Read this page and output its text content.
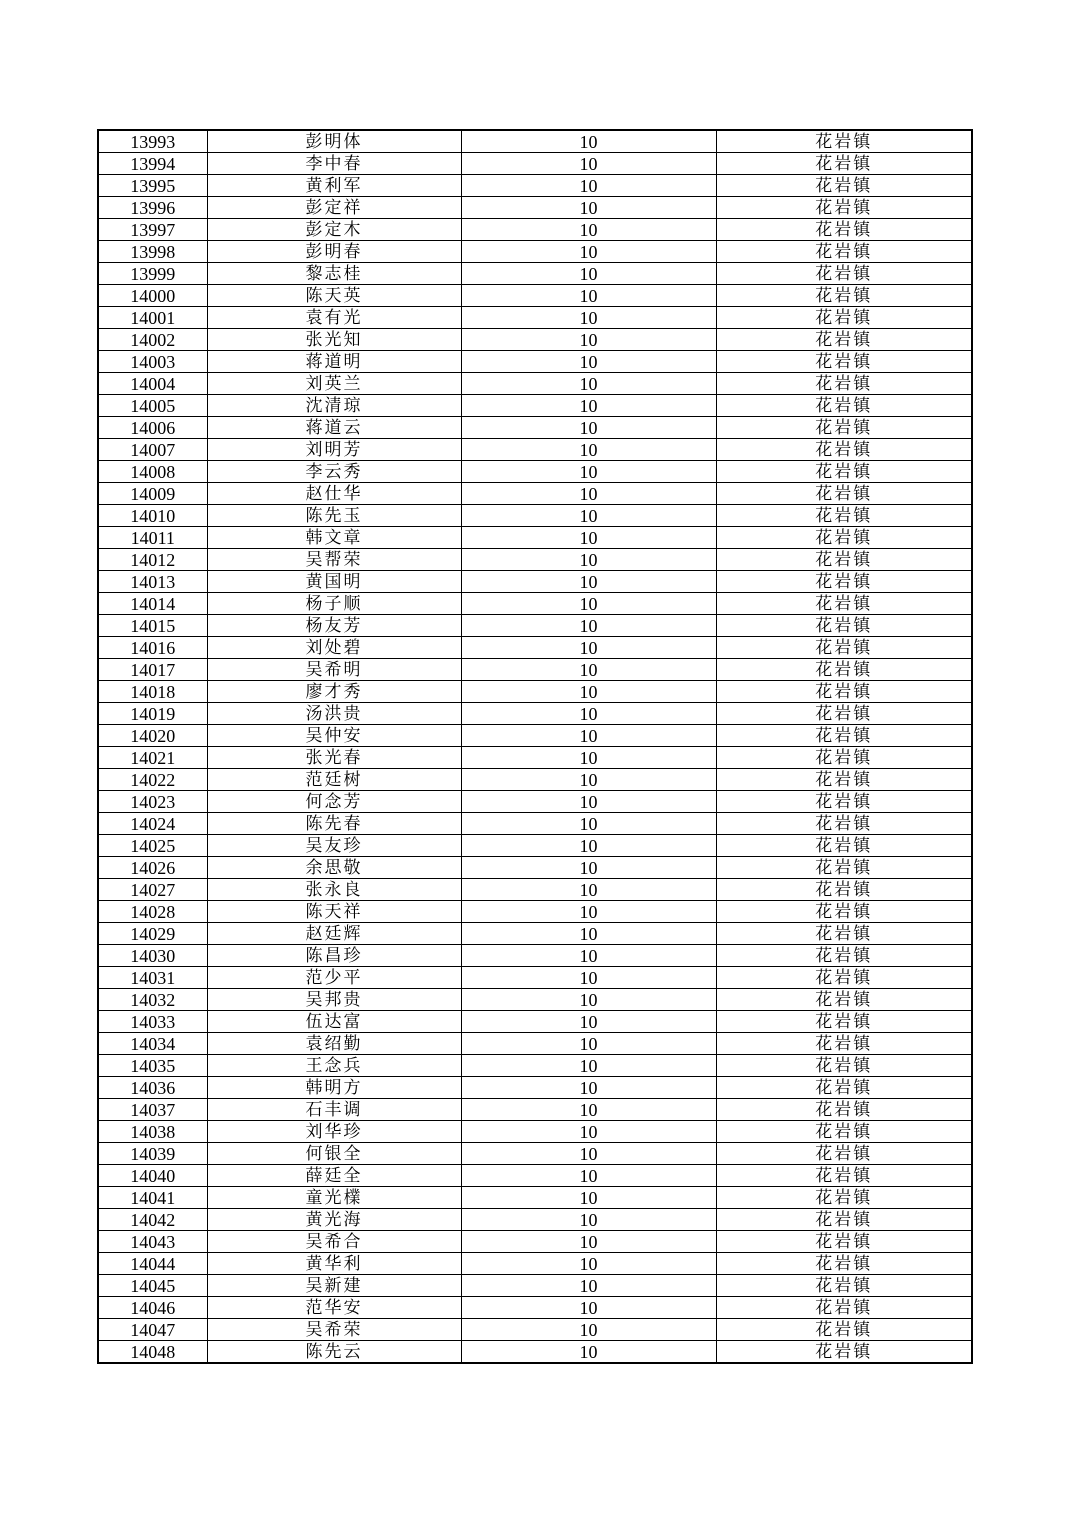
13993	彭明体	10	花岩镇
13994	李中春	10	花岩镇
13995	黄利军	10	花岩镇
13996	彭定祥	10	花岩镇
13997	彭定木	10	花岩镇
13998	彭明春	10	花岩镇
13999	黎志桂	10	花岩镇
14000	陈天英	10	花岩镇
14001	袁有光	10	花岩镇
14002	张光知	10	花岩镇
14003	蒋道明	10	花岩镇
14004	刘英兰	10	花岩镇
14005	沈清琼	10	花岩镇
14006	蒋道云	10	花岩镇
14007	刘明芳	10	花岩镇
14008	李云秀	10	花岩镇
14009	赵仕华	10	花岩镇
14010	陈先玉	10	花岩镇
14011	韩文章	10	花岩镇
14012	吴帮荣	10	花岩镇
14013	黄国明	10	花岩镇
14014	杨子顺	10	花岩镇
14015	杨友芳	10	花岩镇
14016	刘处碧	10	花岩镇
14017	吴希明	10	花岩镇
14018	廖才秀	10	花岩镇
14019	汤洪贵	10	花岩镇
14020	吴仲安	10	花岩镇
14021	张光春	10	花岩镇
14022	范廷树	10	花岩镇
14023	何念芳	10	花岩镇
14024	陈先春	10	花岩镇
14025	吴友珍	10	花岩镇
14026	余思敬	10	花岩镇
14027	张永良	10	花岩镇
14028	陈天祥	10	花岩镇
14029	赵廷辉	10	花岩镇
14030	陈昌珍	10	花岩镇
14031	范少平	10	花岩镇
14032	吴邦贵	10	花岩镇
14033	伍达富	10	花岩镇
14034	袁绍勤	10	花岩镇
14035	王念兵	10	花岩镇
14036	韩明方	10	花岩镇
14037	石丰调	10	花岩镇
14038	刘华珍	10	花岩镇
14039	何银全	10	花岩镇
14040	薛廷全	10	花岩镇
14041	童光檏	10	花岩镇
14042	黄光海	10	花岩镇
14043	吴希合	10	花岩镇
14044	黄华利	10	花岩镇
14045	吴新建	10	花岩镇
14046	范华安	10	花岩镇
14047	吴希荣	10	花岩镇
14048	陈先云	10	花岩镇
